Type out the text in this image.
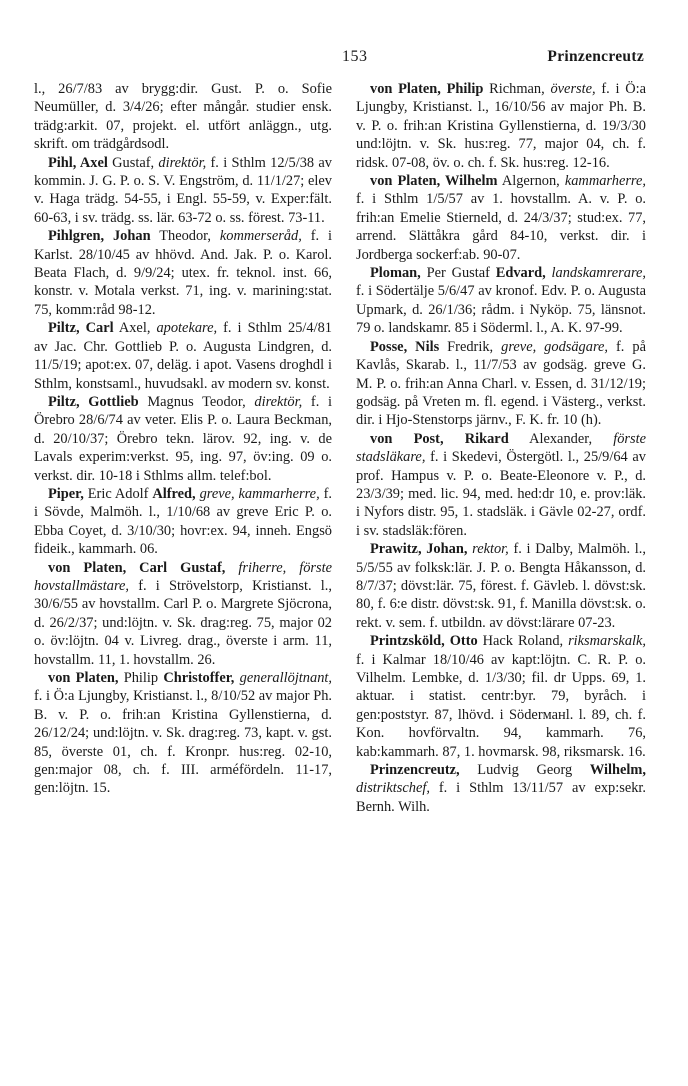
153	Prinzencreutz

l., 26/7/83 av brygg:dir. Gust. P. o. Sofie Neumüller, d. 3/4/26; efter mångår. studier ensk. trädg:arkit. 07, projekt. el. utfört anläggn., utg. skrift. om trädgårdsodl.

Pihl, Axel Gustaf, direktör, f. i Sthlm 12/5/38 av kommin. J. G. P. o. S. V. Engström, d. 11/1/27; elev v. Haga trädg. 54-55, i Engl. 55-59, v. Exper:fält. 60-63, i sv. trädg. ss. lär. 63-72 o. ss. förest. 73-11.

Pihlgren, Johan Theodor, kommerseråd, f. i Karlst. 28/10/45 av hhövd. And. Jak. P. o. Karol. Beata Flach, d. 9/9/24; utex. fr. teknol. inst. 66, konstr. v. Motala verkst. 71, ing. v. marining:stat. 75, komm:råd 98-12.

Piltz, Carl Axel, apotekare, f. i Sthlm 25/4/81 av Jac. Chr. Gottlieb P. o. Augusta Lindgren, d. 11/5/19; apot:ex. 07, deläg. i apot. Vasens droghdl i Sthlm, konstsaml., huvudsakl. av modern sv. konst.

Piltz, Gottlieb Magnus Teodor, direktör, f. i Örebro 28/6/74 av veter. Elis P. o. Laura Beckman, d. 20/10/37; Örebro tekn. lärov. 92, ing. v. de Lavals experim:verkst. 95, ing. 97, öv:ing. 09 o. verkst. dir. 10-18 i Sthlms allm. telef:bol.

Piper, Eric Adolf Alfred, greve, kammarherre, f. i Sövde, Malmöh. l., 1/10/68 av greve Eric P. o. Ebba Coyet, d. 3/10/30; hovr:ex. 94, inneh. Engsö fideik., kammarh. 06.

von Platen, Carl Gustaf, friherre, förste hovstallmästare, f. i Strövelstorp, Kristianst. l., 30/6/55 av hovstallm. Carl P. o. Margrete Sjöcrona, d. 26/2/37; und:löjtn. v. Sk. drag:reg. 75, major 02 o. öv:löjtn. 04 v. Livreg. drag., överste i arm. 11, hovstallm. 11, 1. hovstallm. 26.

von Platen, Philip Christoffer, generallöjtnant, f. i Ö:a Ljungby, Kristianst. l., 8/10/52 av major Ph. B. v. P. o. frih:an Kristina Gyllenstierna, d. 26/12/24; und:löjtn. v. Sk. drag:reg. 73, kapt. v. gst. 85, överste 01, ch. f. Kronpr. hus:reg. 02-10, gen:major 08, ch. f. III. arméfördeln. 11-17, gen:löjtn. 15.

von Platen, Philip Richman, överste, f. i Ö:a Ljungby, Kristianst. l., 16/10/56 av major Ph. B. v. P. o. frih:an Kristina Gyllenstierna, d. 19/3/30 und:löjtn. v. Sk. hus:reg. 77, major 04, ch. f. ridsk. 07-08, öv. o. ch. f. Sk. hus:reg. 12-16.

von Platen, Wilhelm Algernon, kammarherre, f. i Sthlm 1/5/57 av 1. hovstallm. A. v. P. o. frih:an Emelie Stierneld, d. 24/3/37; stud:ex. 77, arrend. Slättåkra gård 84-10, verkst. dir. i Jordberga sockerf:ab. 90-07.

Ploman, Per Gustaf Edvard, landskamrerare, f. i Södertälje 5/6/47 av kronof. Edv. P. o. Augusta Upmark, d. 26/1/36; rådm. i Nyköp. 75, länsnot. 79 o. landskamr. 85 i Söderml. l., A. K. 97-99.

Posse, Nils Fredrik, greve, godsägare, f. på Kavlås, Skarab. l., 11/7/53 av godsäg. greve G. M. P. o. frih:an Anna Charl. v. Essen, d. 31/12/19; godsäg. på Vreten m. fl. egend. i Västerg., verkst. dir. i Hjo-Stenstorps järnv., F. K. fr. 10 (h).

von Post, Rikard Alexander, förste stadsläkare, f. i Skedevi, Östergötl. l., 25/9/64 av prof. Hampus v. P. o. Beate-Eleonore v. P., d. 23/3/39; med. lic. 94, med. hed:dr 10, e. prov:läk. i Nyfors distr. 95, 1. stadsläk. i Gävle 02-27, ordf. i sv. stadsläk:fören.

Prawitz, Johan, rektor, f. i Dalby, Malmöh. l., 5/5/55 av folksk:lär. J. P. o. Bengta Håkansson, d. 8/7/37; dövst:lär. 75, förest. f. Gävleb. l. dövst:sk. 80, f. 6:e distr. dövst:sk. 91, f. Manilla dövst:sk. o. rekt. v. sem. f. utbildn. av dövst:lärare 07-23.

Printzsköld, Otto Hack Roland, riksmarskalk, f. i Kalmar 18/10/46 av kapt:löjtn. C. R. P. o. Vilhelm. Lembke, d. 1/3/30; fil. dr Upps. 69, 1. aktuar. i statist. centr:byr. 79, byråch. i gen:poststyr. 87, lhövd. i Söderманl. l. 89, ch. f. Kon. hovförvaltn. 94, kammarh. 76, kab:kammarh. 87, 1. hovmarsk. 98, riksmarsk. 16.

Prinzencreutz, Ludvig Georg Wilhelm, distriktschef, f. i Sthlm 13/11/57 av exp:sekr. Bernh. Wilh.
